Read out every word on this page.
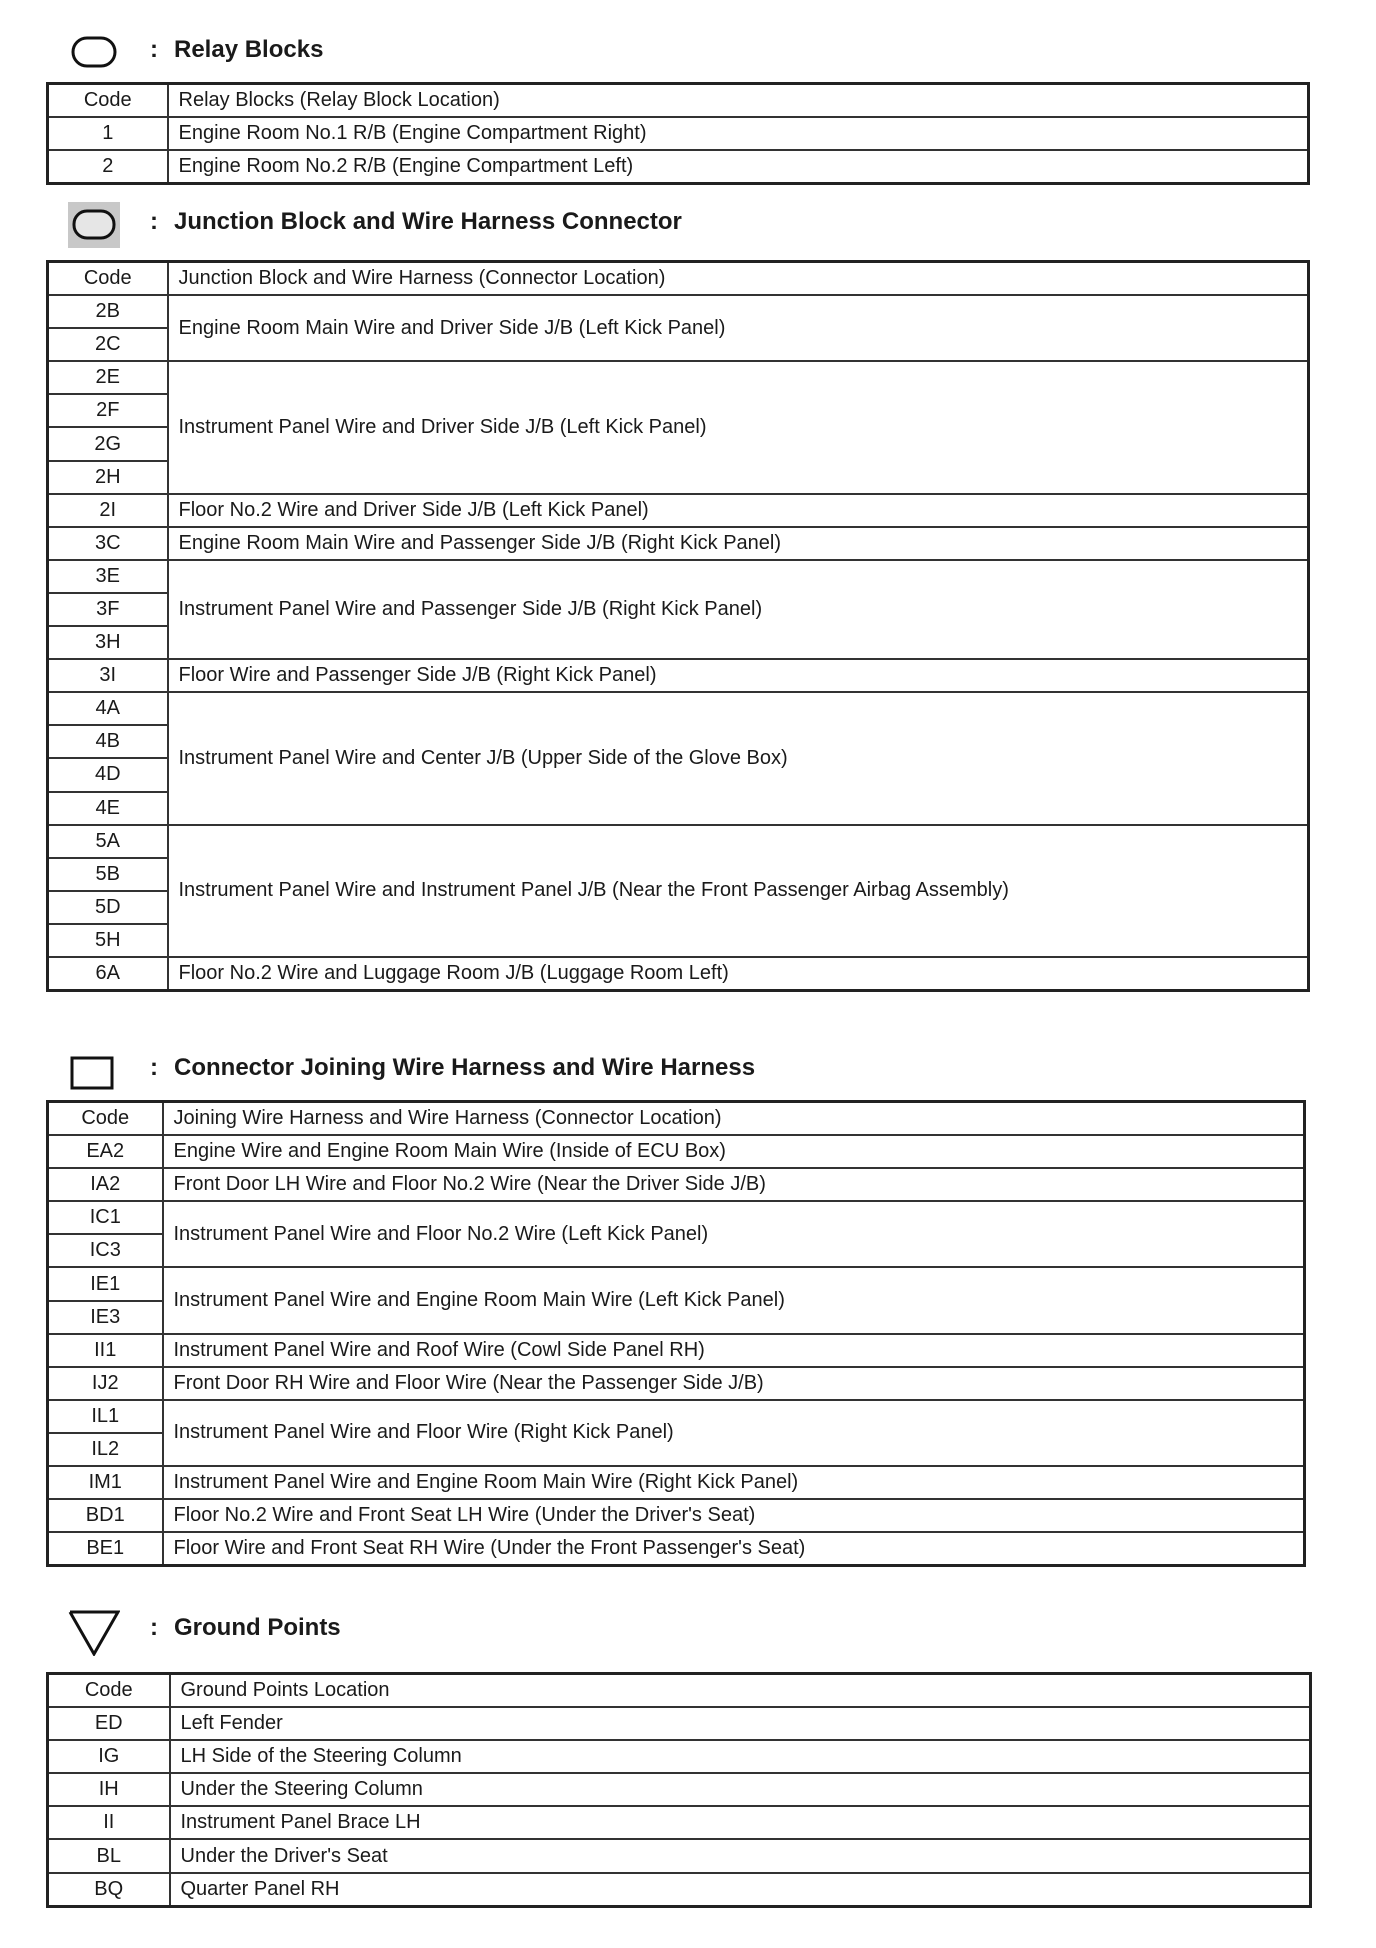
: Relay Blocks
Code	Relay Blocks (Relay Block Location)
1	Engine Room No.1 R/B (Engine Compartment Right)
2	Engine Room No.2 R/B (Engine Compartment Left)
: Junction Block and Wire Harness Connector
Code	Junction Block and Wire Harness (Connector Location)
2B	Engine Room Main Wire and Driver Side J/B (Left Kick Panel)
2C	
2E	Instrument Panel Wire and Driver Side J/B (Left Kick Panel)
2F	
2G	
2H	
2I	Floor No.2 Wire and Driver Side J/B (Left Kick Panel)
3C	Engine Room Main Wire and Passenger Side J/B (Right Kick Panel)
3E	Instrument Panel Wire and Passenger Side J/B (Right Kick Panel)
3F	
3H	
3I	Floor Wire and Passenger Side J/B (Right Kick Panel)
4A	Instrument Panel Wire and Center J/B (Upper Side of the Glove Box)
4B	
4D	
4E	
5A	Instrument Panel Wire and Instrument Panel J/B (Near the Front Passenger Airbag Assembly)
5B	
5D	
5H	
6A	Floor No.2 Wire and Luggage Room J/B (Luggage Room Left)
: Connector Joining Wire Harness and Wire Harness
Code	Joining Wire Harness and Wire Harness (Connector Location)
EA2	Engine Wire and Engine Room Main Wire (Inside of ECU Box)
IA2	Front Door LH Wire and Floor No.2 Wire (Near the Driver Side J/B)
IC1	Instrument Panel Wire and Floor No.2 Wire (Left Kick Panel)
IC3	
IE1	Instrument Panel Wire and Engine Room Main Wire (Left Kick Panel)
IE3	
II1	Instrument Panel Wire and Roof Wire (Cowl Side Panel RH)
IJ2	Front Door RH Wire and Floor Wire (Near the Passenger Side J/B)
IL1	Instrument Panel Wire and Floor Wire (Right Kick Panel)
IL2	
IM1	Instrument Panel Wire and Engine Room Main Wire (Right Kick Panel)
BD1	Floor No.2 Wire and Front Seat LH Wire (Under the Driver's Seat)
BE1	Floor Wire and Front Seat RH Wire (Under the Front Passenger's Seat)
: Ground Points
Code	Ground Points Location
ED	Left Fender
IG	LH Side of the Steering Column
IH	Under the Steering Column
II	Instrument Panel Brace LH
BL	Under the Driver's Seat
BQ	Quarter Panel RH
